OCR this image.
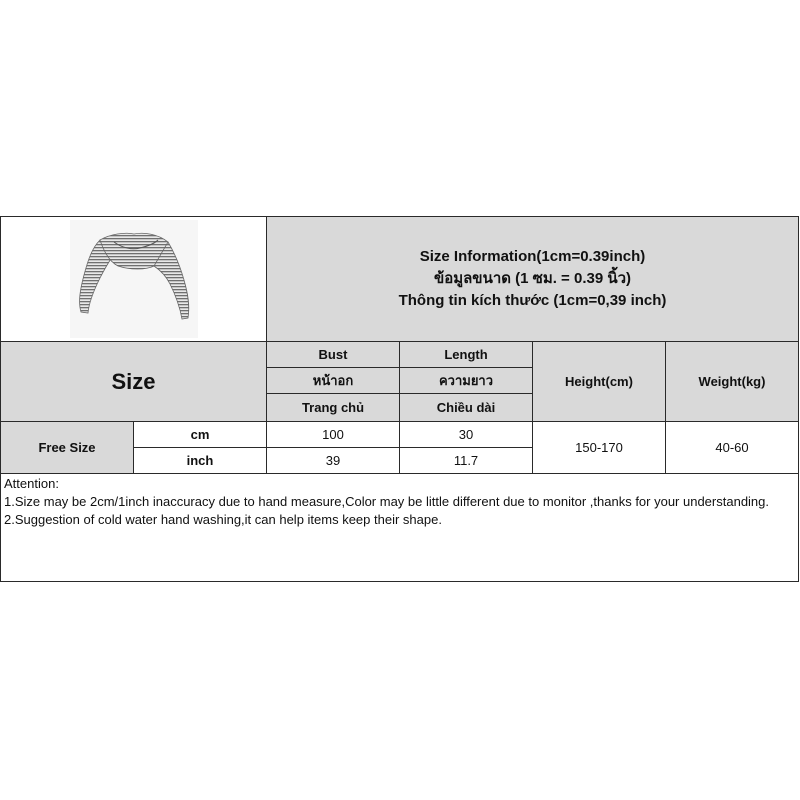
Size Information(1cm=0.39inch)
ข้อมูลขนาด (1 ซม. = 0.39 นิ้ว)
Thông tin kích thước (1cm=0,39 inch)
Size
Bust
หน้าอก
Trang chủ
Length
ความยาว
Chiều dài
Height(cm)	Weight(kg)
Free Size
cm
inch
100
39
30
11.7
150-170	40-60
Attention:
1.Size may be 2cm/1inch inaccuracy due to hand measure,Color may be little different due to monitor ,thanks for your understanding.
2.Suggestion of cold water hand washing,it can help items keep their shape.
